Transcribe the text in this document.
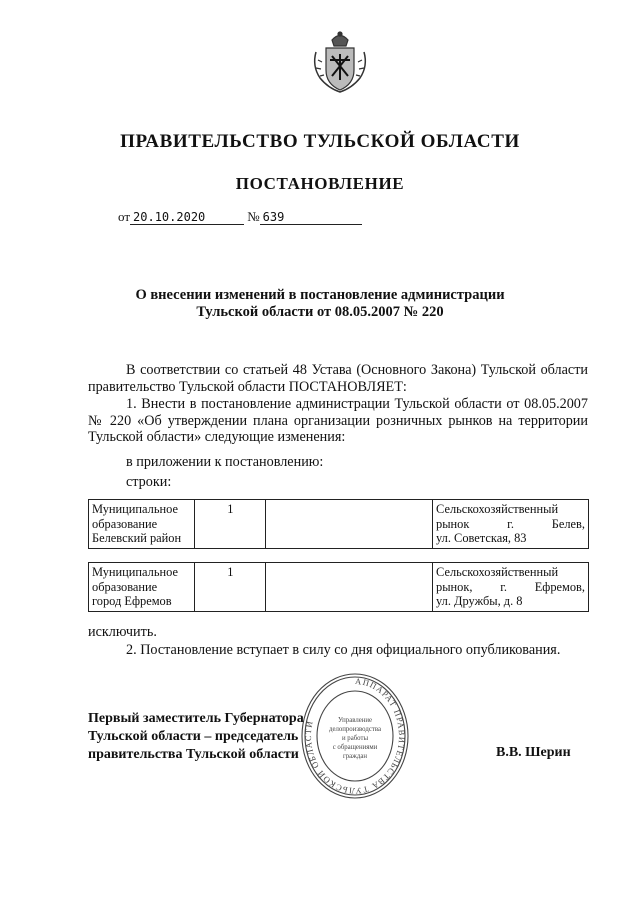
ПРАВИТЕЛЬСТВО ТУЛЬСКОЙ ОБЛАСТИ
ПОСТАНОВЛЕНИЕ
от 20.10.2020	№ 639
О внесении изменений в постановление администрации
Тульской области от 08.05.2007 № 220
В соответствии со статьей 48 Устава (Основного Закона) Тульской области правительство Тульской области ПОСТАНОВЛЯЕТ:
1. Внести в постановление администрации Тульской области от 08.05.2007 № 220 «Об утверждении плана организации розничных рынков на территории Тульской области» следующие изменения:
в приложении к постановлению:
строки:
Муниципальное
образование
Белевский район
	1		Сельскохозяйственный
рынок г. Белев,
ул. Советская, 83
Муниципальное
образование
город Ефремов
	1		Сельскохозяйственный
рынок, г. Ефремов,
ул. Дружбы, д. 8
исключить.
2. Постановление вступает в силу со дня официального опубликования.
АППАРАТ ПРАВИТЕЛЬСТВА ТУЛЬСКОЙ ОБЛАСТИ	Управление
делопроизводства
и работы
с обращениями
граждан
Первый заместитель Губернатора
Тульской области – председатель
правительства Тульской области	В.В. Шерин
